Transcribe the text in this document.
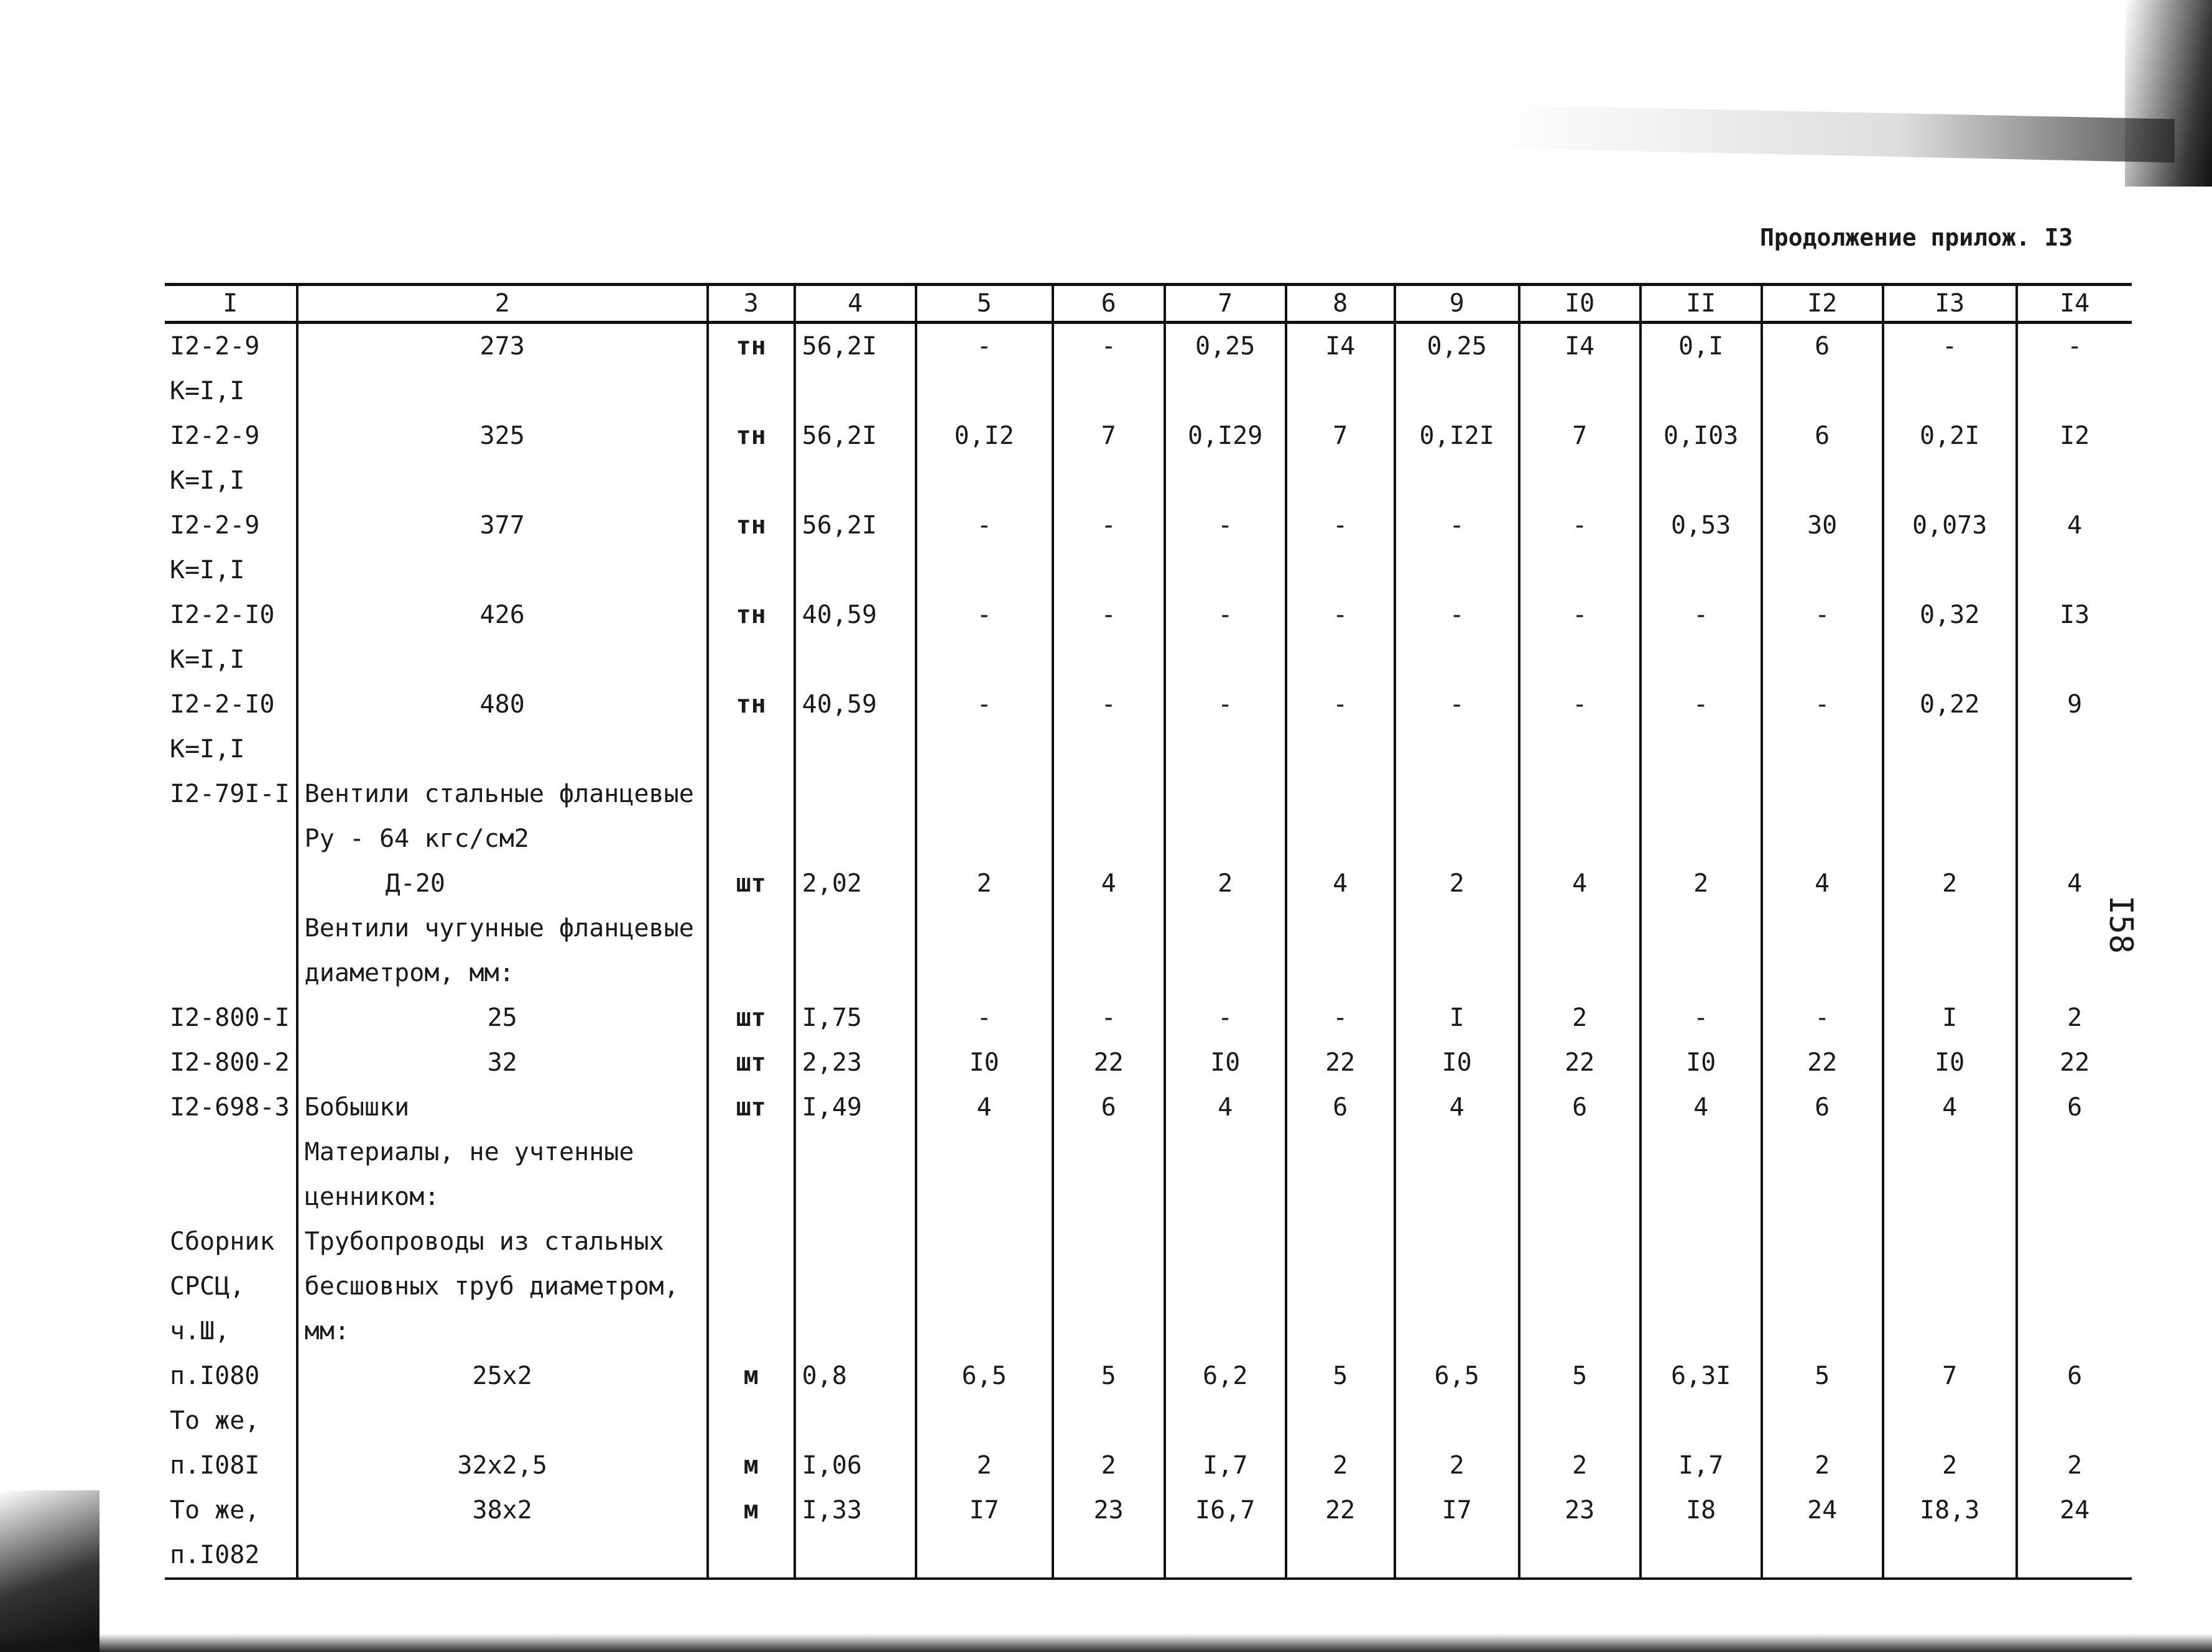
Продолжение прилож. I3
I58
I	2	3	4	5	6	7	8	9	I0	II	I2	I3	I4
I2-2-9	273	тн	56,2I	-	-	0,25	I4	0,25	I4	0,I	6	-	-
K=I,I													
I2-2-9	325	тн	56,2I	0,I2	7	0,I29	7	0,I2I	7	0,I03	6	0,2I	I2
K=I,I													
I2-2-9	377	тн	56,2I	-	-	-	-	-	-	0,53	30	0,073	4
K=I,I													
I2-2-I0	426	тн	40,59	-	-	-	-	-	-	-	-	0,32	I3
K=I,I													
I2-2-I0	480	тн	40,59	-	-	-	-	-	-	-	-	0,22	9
K=I,I													
I2-79I-I	Вентили стальные фланцевые												
	Ру - 64 кгс/см2												
	Д-20	шт	2,02	2	4	2	4	2	4	2	4	2	4
	Вентили чугунные фланцевые												
	диаметром, мм:												
I2-800-I	25	шт	I,75	-	-	-	-	I	2	-	-	I	2
I2-800-2	32	шт	2,23	I0	22	I0	22	I0	22	I0	22	I0	22
I2-698-3	Бобышки	шт	I,49	4	6	4	6	4	6	4	6	4	6
	Материалы, не учтенные												
	ценником:												
Сборник	Трубопроводы из стальных												
СРСЦ,	бесшовных труб диаметром,												
ч.Ш,	мм:												
п.I080	25x2	м	0,8	6,5	5	6,2	5	6,5	5	6,3I	5	7	6
То же,													
п.I08I	32x2,5	м	I,06	2	2	I,7	2	2	2	I,7	2	2	2
То же,	38x2	м	I,33	I7	23	I6,7	22	I7	23	I8	24	I8,3	24
п.I082													
